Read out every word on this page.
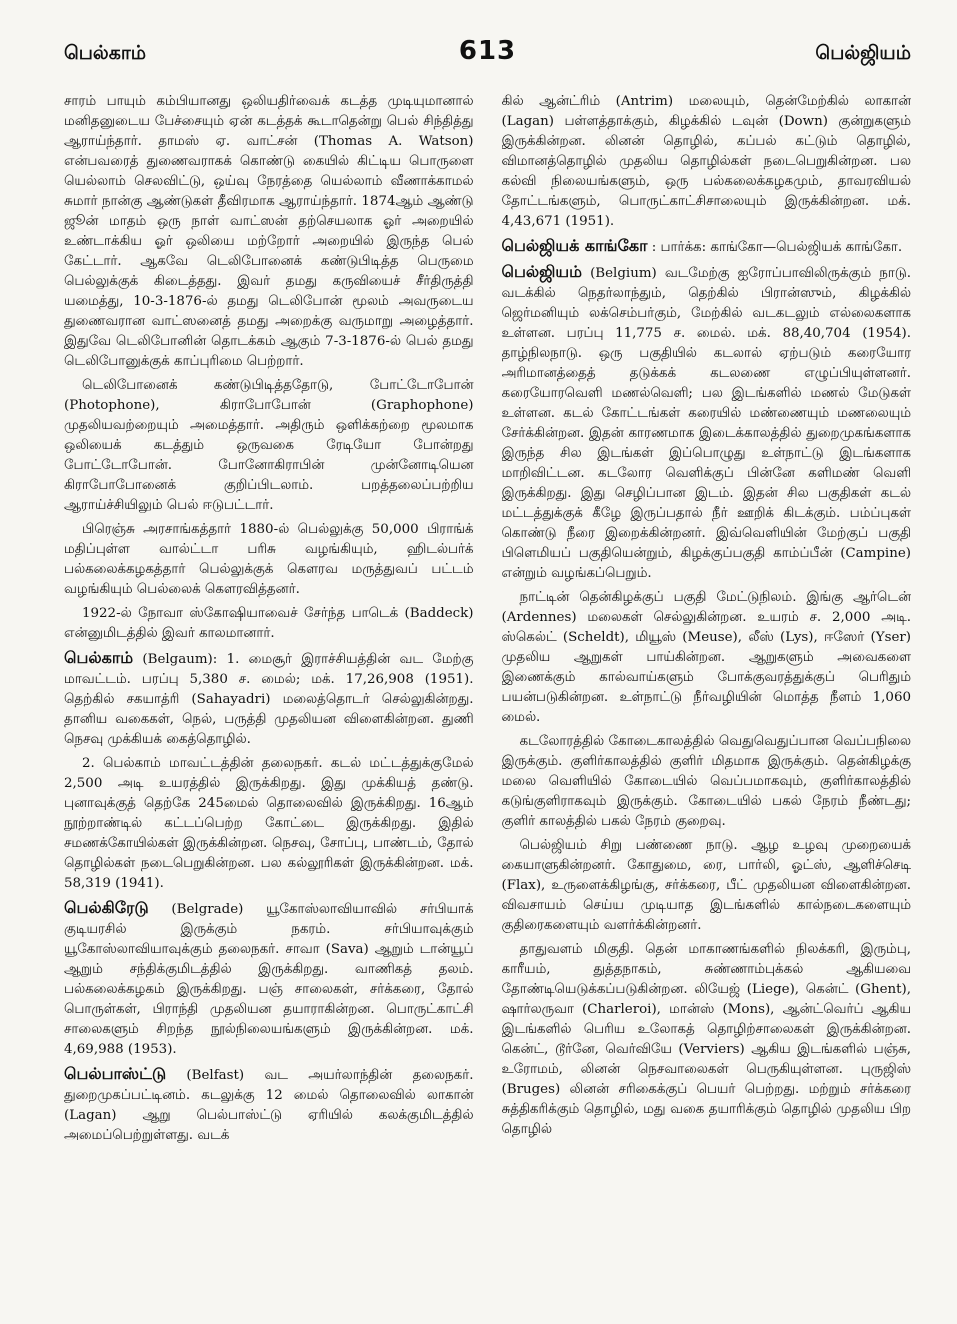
பெல்காம்	613	பெல்ஜியம்

சாரம் பாயும் கம்பியானது ஒலியதிர்வைக் கடத்த முடியுமானால் மனிதனுடைய பேச்சையும் ஏன் கடத்தக் கூடாதென்று பெல் சிந்தித்து ஆராய்ந்தார். தாமஸ் ஏ. வாட்சன் (Thomas A. Watson) என்பவரைத் துணைவராகக் கொண்டு கையில் கிட்டிய பொருளை யெல்லாம் செலவிட்டு, ஒய்வு நேரத்தை யெல்லாம் வீணாக்காமல் சுமார் நான்கு ஆண்டுகள் தீவிரமாக ஆராய்ந்தார். 1874ஆம் ஆண்டு ஜூன் மாதம் ஒரு நாள் வாட்ஸன் தற்செயலாக ஓர் அறையில் உண்டாக்கிய ஓர் ஒலியை மற்றோர் அறையில் இருந்த பெல் கேட்டார். ஆகவே டெலிபோனைக் கண்டுபிடித்த பெருமை பெல்லுக்குக் கிடைத்தது. இவர் தமது கருவியைச் சீர்திருத்தி யமைத்து, 10-3-1876-ல் தமது டெலிபோன் மூலம் அவருடைய துணைவரான வாட்ஸனைத் தமது அறைக்கு வருமாறு அழைத்தார். இதுவே டெலிபோனின் தொடக்கம் ஆகும் 7-3-1876-ல் பெல் தமது டெலிபோனுக்குக் காப்புரிமை பெற்றார்.

டெலிபோனைக் கண்டுபிடித்ததோடு, போட்டோபோன் (Photophone), கிராபோபோன் (Graphophone) முதலியவற்றையும் அமைத்தார். அதிரும் ஒளிக்கற்றை மூலமாக ஒலியைக் கடத்தும் ஒருவகை ரேடியோ போன்றது போட்டோபோன். போனோகிராபின் முன்னோடியென கிராபோபோனைக் குறிப்பிடலாம். பறத்தலைப்பற்றிய ஆராய்ச்சியிலும் பெல் ஈடுபட்டார்.

பிரெஞ்சு அரசாங்கத்தார் 1880-ல் பெல்லுக்கு 50,000 பிராங்க் மதிப்புள்ள வால்ட்டா பரிசு வழங்கியும், ஹிடல்பர்க் பல்கலைக்கழகத்தார் பெல்லுக்குக் கௌரவ மருத்துவப் பட்டம் வழங்கியும் பெல்லைக் கௌரவித்தனர்.

1922-ல் நோவா ஸ்கோஷியாவைச் சேர்ந்த பாடெக் (Baddeck) என்னுமிடத்தில் இவர் காலமானார்.

பெல்காம் (Belgaum): 1. மைசூர் இராச்சியத்தின் வட மேற்கு மாவட்டம். பரப்பு 5,380 ச. மைல்; மக். 17,26,908 (1951). தெற்கில் சகயாத்ரி (Sahayadri) மலைத்தொடர் செல்லுகின்றது. தானிய வகைகள், நெல், பருத்தி முதலியன விளைகின்றன. துணி நெசவு முக்கியக் கைத்தொழில்.

2. பெல்காம் மாவட்டத்தின் தலைநகர். கடல் மட்டத்துக்குமேல் 2,500 அடி உயரத்தில் இருக்கிறது. இது முக்கியத் தண்டு. புனாவுக்குத் தெற்கே 245மைல் தொலைவில் இருக்கிறது. 16ஆம் நூற்றாண்டில் கட்டப்பெற்ற கோட்டை இருக்கிறது. இதில் சமணக்கோயில்கள் இருக்கின்றன. நெசவு, சோப்பு, பாண்டம், தோல் தொழில்கள் நடைபெறுகின்றன. பல கல்லூரிகள் இருக்கின்றன. மக். 58,319 (1941).

பெல்கிரேடு (Belgrade) யூகோஸ்லாவியாவில் சர்பியாக் குடியரசில் இருக்கும் நகரம். சர்பியாவுக்கும் யூகோஸ்லாவியாவுக்கும் தலைநகர். சாவா (Sava) ஆறும் டான்யூப் ஆறும் சந்திக்குமிடத்தில் இருக்கிறது. வாணிகத் தலம். பல்கலைக்கழகம் இருக்கிறது. பஞ் சாலைகள், சர்க்கரை, தோல் பொருள்கள், பிராந்தி முதலியன தயாராகின்றன. பொருட்காட்சி சாலைகளும் சிறந்த நூல்நிலையங்களும் இருக்கின்றன. மக். 4,69,988 (1953).

பெல்பாஸ்ட்டு (Belfast) வட அயர்லாந்தின் தலைநகர். துறைமுகப்பட்டினம். கடலுக்கு 12 மைல் தொலைவில் லாகான் (Lagan) ஆறு பெல்பாஸ்ட்டு ஏரியில் கலக்குமிடத்தில் அமைப்பெற்றுள்ளது. வடக்

கில் ஆன்ட்ரிம் (Antrim) மலையும், தென்மேற்கில் லாகான் (Lagan) பள்ளத்தாக்கும், கிழக்கில் டவுன் (Down) குன்றுகளும் இருக்கின்றன. லினன் தொழில், கப்பல் கட்டும் தொழில், விமானத்தொழில் முதலிய தொழில்கள் நடைபெறுகின்றன. பல கல்வி நிலையங்களும், ஒரு பல்கலைக்கழகமும், தாவரவியல் தோட்டங்களும், பொருட்காட்சிசாலையும் இருக்கின்றன. மக். 4,43,671 (1951).

பெல்ஜியக் காங்கோ : பார்க்க: காங்கோ—பெல்ஜியக் காங்கோ.

பெல்ஜியம் (Belgium) வடமேற்கு ஐரோப்பாவிலிருக்கும் நாடு. வடக்கில் நெதர்லாந்தும், தெற்கில் பிரான்ஸும், கிழக்கில் ஜெர்மனியும் லக்செம்பர்கும், மேற்கில் வடகடலும் எல்லைகளாக உள்ளன. பரப்பு 11,775 ச. மைல். மக். 88,40,704 (1954). தாழ்நிலநாடு. ஒரு பகுதியில் கடலால் ஏற்படும் கரையோர அரிமானத்தைத் தடுக்கக் கடலணை எழுப்பியுள்ளனர். கரையோரவெளி மணல்வெளி; பல இடங்களில் மணல் மேடுகள் உள்ளன. கடல் கோட்டங்கள் கரையில் மண்ணையும் மணலையும் சேர்க்கின்றன. இதன் காரணமாக இடைக்காலத்தில் துறைமுகங்களாக இருந்த சில இடங்கள் இப்பொழுது உள்நாட்டு இடங்களாக மாறிவிட்டன. கடலோர வெளிக்குப் பின்னே களிமண் வெளி இருக்கிறது. இது செழிப்பான இடம். இதன் சில பகுதிகள் கடல் மட்டத்துக்குக் கீழே இருப்பதால் நீர் ஊறிக் கிடக்கும். பம்ப்புகள் கொண்டு நீரை இறைக்கின்றனர். இவ்வெளியின் மேற்குப் பகுதி பிளெமியப் பகுதியென்றும், கிழக்குப்பகுதி காம்ப்பீன் (Campine) என்றும் வழங்கப்பெறும்.

நாட்டின் தென்கிழக்குப் பகுதி மேட்டுநிலம். இங்கு ஆர்டென் (Ardennes) மலைகள் செல்லுகின்றன. உயரம் ச. 2,000 அடி. ஸ்கெல்ட் (Scheldt), மியூஸ் (Meuse), லீஸ் (Lys), ஈஸேர் (Yser) முதலிய ஆறுகள் பாய்கின்றன. ஆறுகளும் அவைகளை இணைக்கும் கால்வாய்களும் போக்குவரத்துக்குப் பெரிதும் பயன்படுகின்றன. உள்நாட்டு நீர்வழியின் மொத்த நீளம் 1,060 மைல்.

கடலோரத்தில் கோடைகாலத்தில் வெதுவெதுப்பான வெப்பநிலை இருக்கும். குளிர்காலத்தில் குளிர் மிதமாக இருக்கும். தென்கிழக்கு மலை வெளியில் கோடையில் வெப்பமாகவும், குளிர்காலத்தில் கடுங்குளிராகவும் இருக்கும். கோடையில் பகல் நேரம் நீண்டது; குளிர் காலத்தில் பகல் நேரம் குறைவு.

பெல்ஜியம் சிறு பண்ணை நாடு. ஆழ உழவு முறையைக் கையாளுகின்றனர். கோதுமை, ரை, பார்லி, ஓட்ஸ், ஆளிச்செடி (Flax), உருளைக்கிழங்கு, சர்க்கரை, பீட் முதலியன விளைகின்றன. விவசாயம் செய்ய முடியாத இடங்களில் கால்நடைகளையும் குதிரைகளையும் வளர்க்கின்றனர்.

தாதுவளம் மிகுதி. தென் மாகாணங்களில் நிலக்கரி, இரும்பு, காரீயம், துத்தநாகம், சுண்ணாம்புக்கல் ஆகியவை தோண்டியெடுக்கப்படுகின்றன. லியேஜ் (Liege), கென்ட் (Ghent), ஷார்லருவா (Charleroi), மான்ஸ் (Mons), ஆன்ட்வெர்ப் ஆகிய இடங்களில் பெரிய உலோகத் தொழிற்சாலைகள் இருக்கின்றன. கென்ட், டூர்னே, வெர்வியே (Verviers) ஆகிய இடங்களில் பஞ்சு, உரோமம், லினன் நெசவாலைகள் பெருகியுள்ளன. புருஜிஸ் (Bruges) லினன் சரிகைக்குப் பெயர் பெற்றது. மற்றும் சர்க்கரை சுத்திகரிக்கும் தொழில், மது வகை தயாரிக்கும் தொழில் முதலிய பிற தொழில்
